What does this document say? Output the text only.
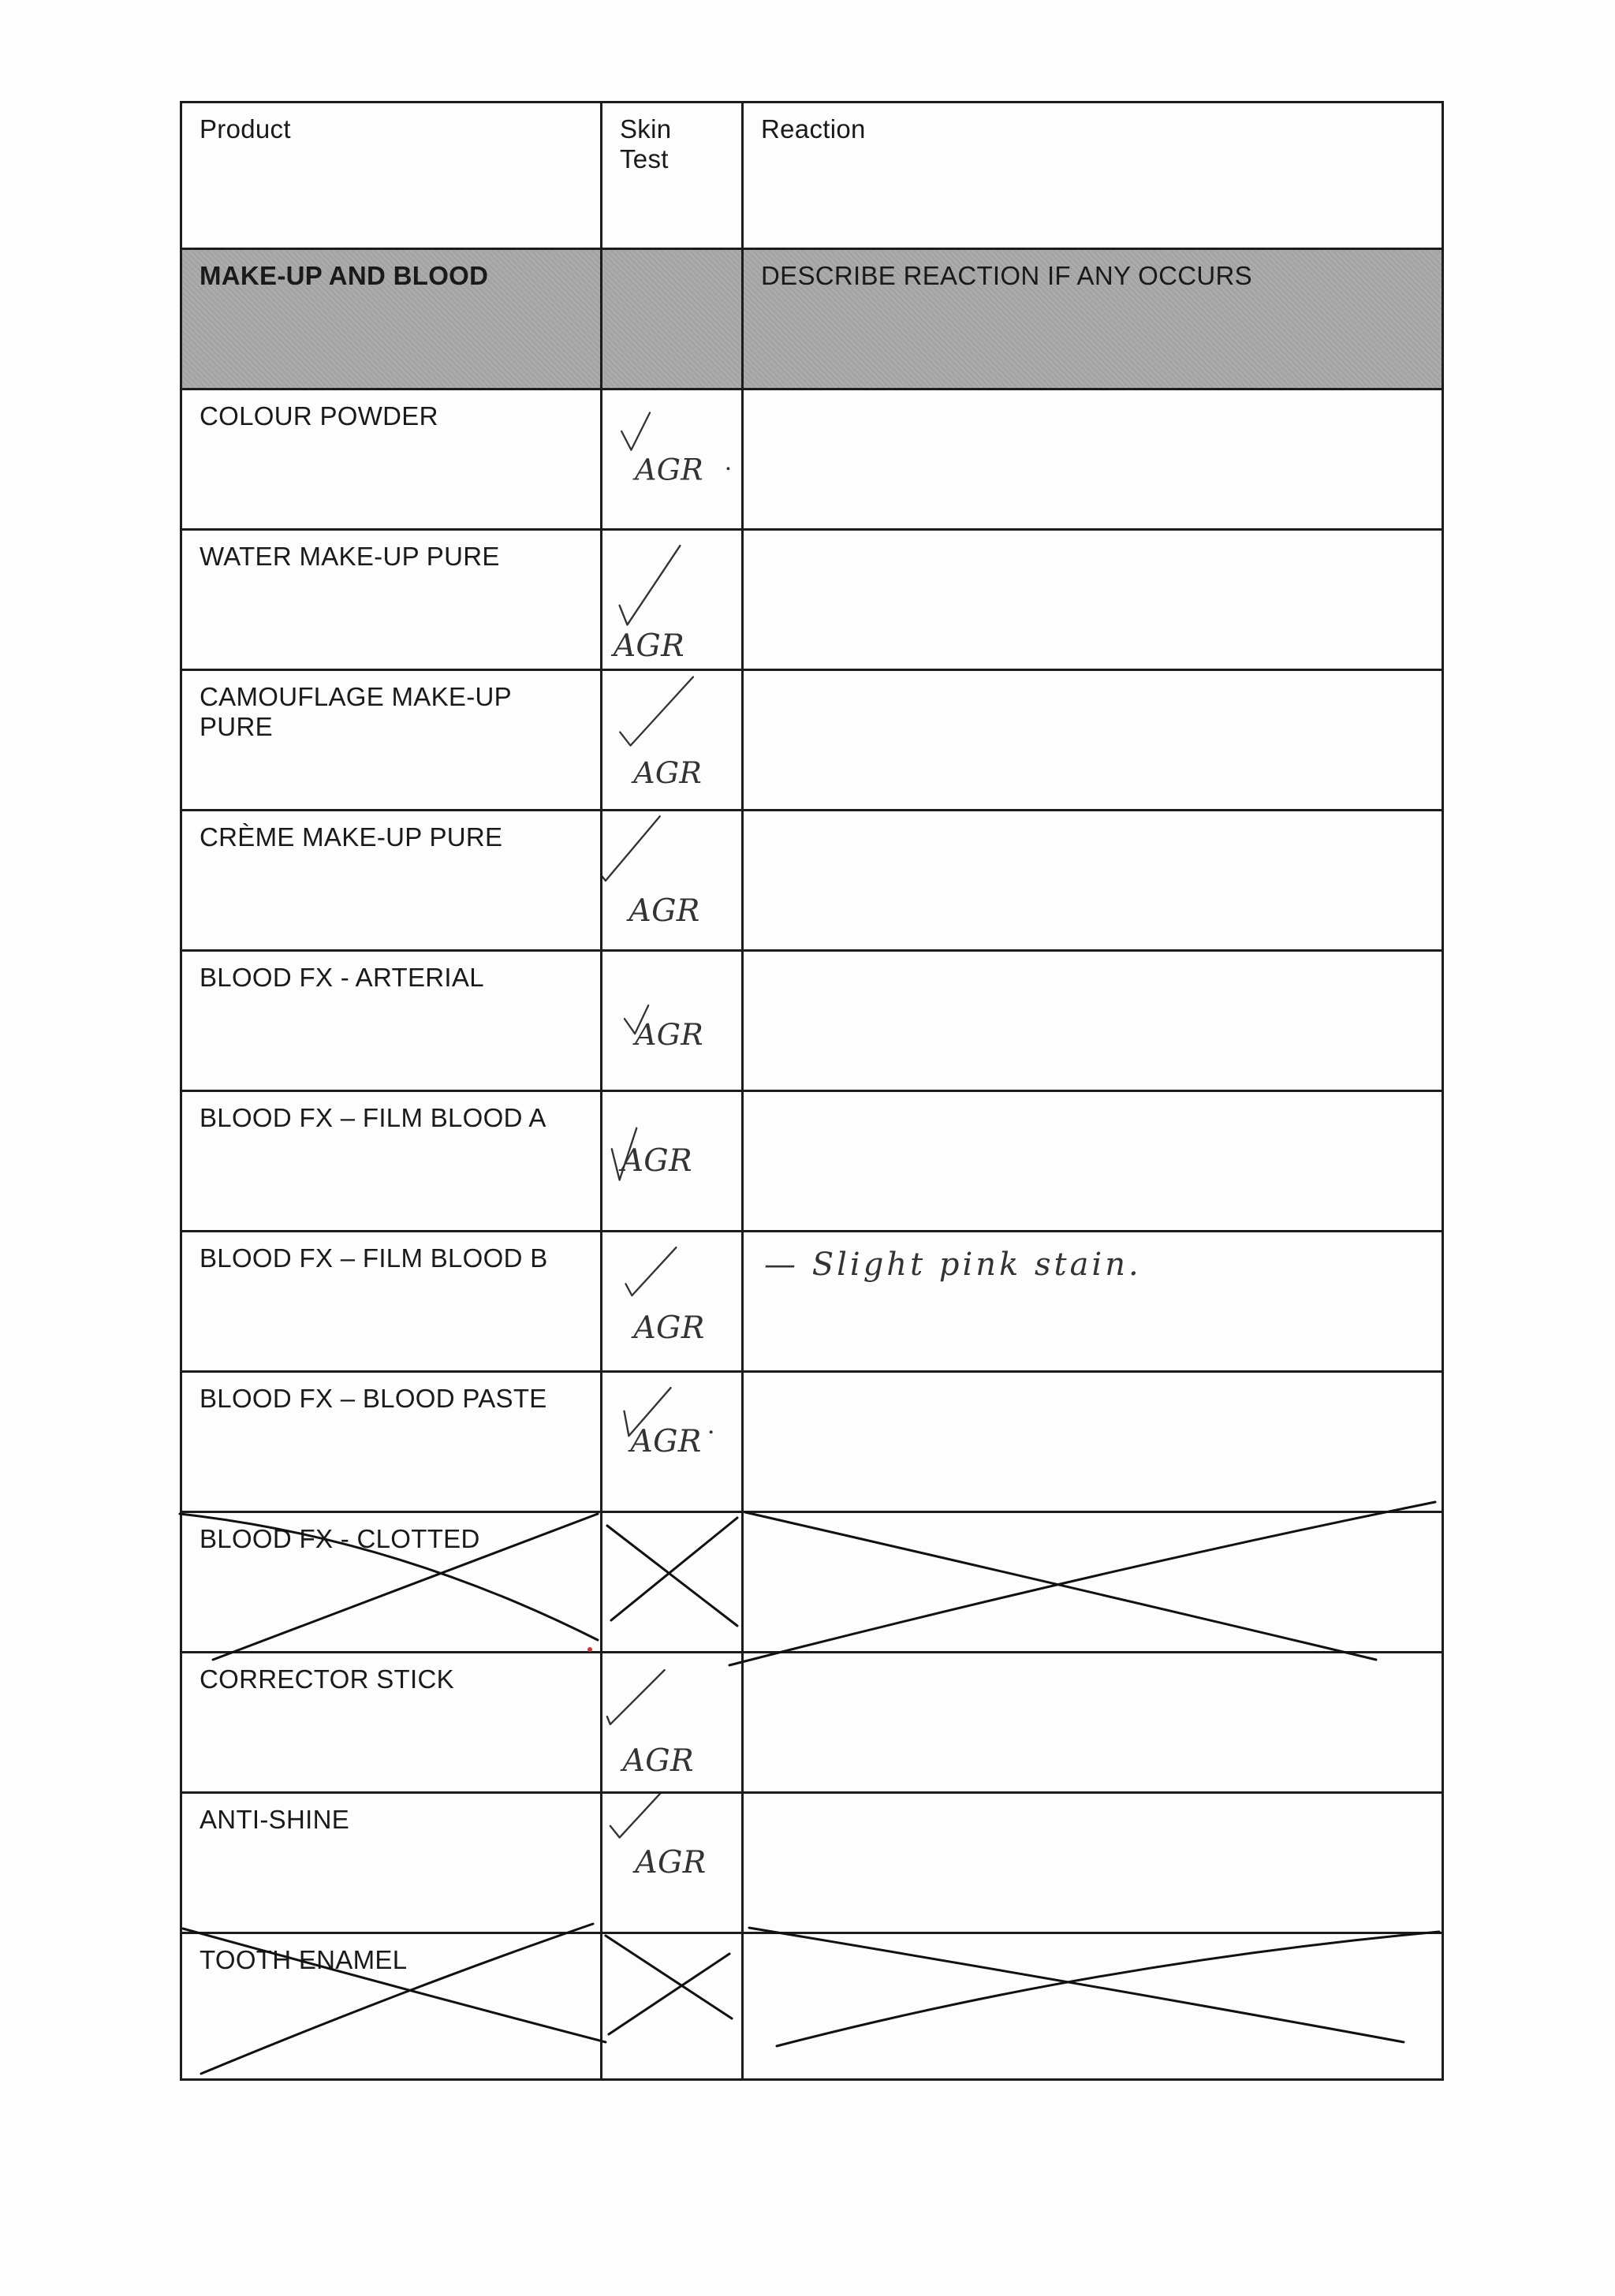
Product	Skin Test	Reaction
MAKE-UP AND BLOOD		DESCRIBE REACTION IF ANY OCCURS
COLOUR POWDER	AGR	

WATER MAKE-UP PURE	AGR	

CAMOUFLAGE MAKE-UP PURE	AGR	

CRÈME MAKE-UP PURE	AGR	

BLOOD FX - ARTERIAL	AGR	

BLOOD FX – FILM BLOOD A	AGR	

BLOOD FX – FILM BLOOD B	AGR	— Slight pink stain.

BLOOD FX – BLOOD PASTE	AGR	

BLOOD FX - CLOTTED		
CORRECTOR STICK	AGR	

ANTI-SHINE	AGR	

TOOTH ENAMEL		
